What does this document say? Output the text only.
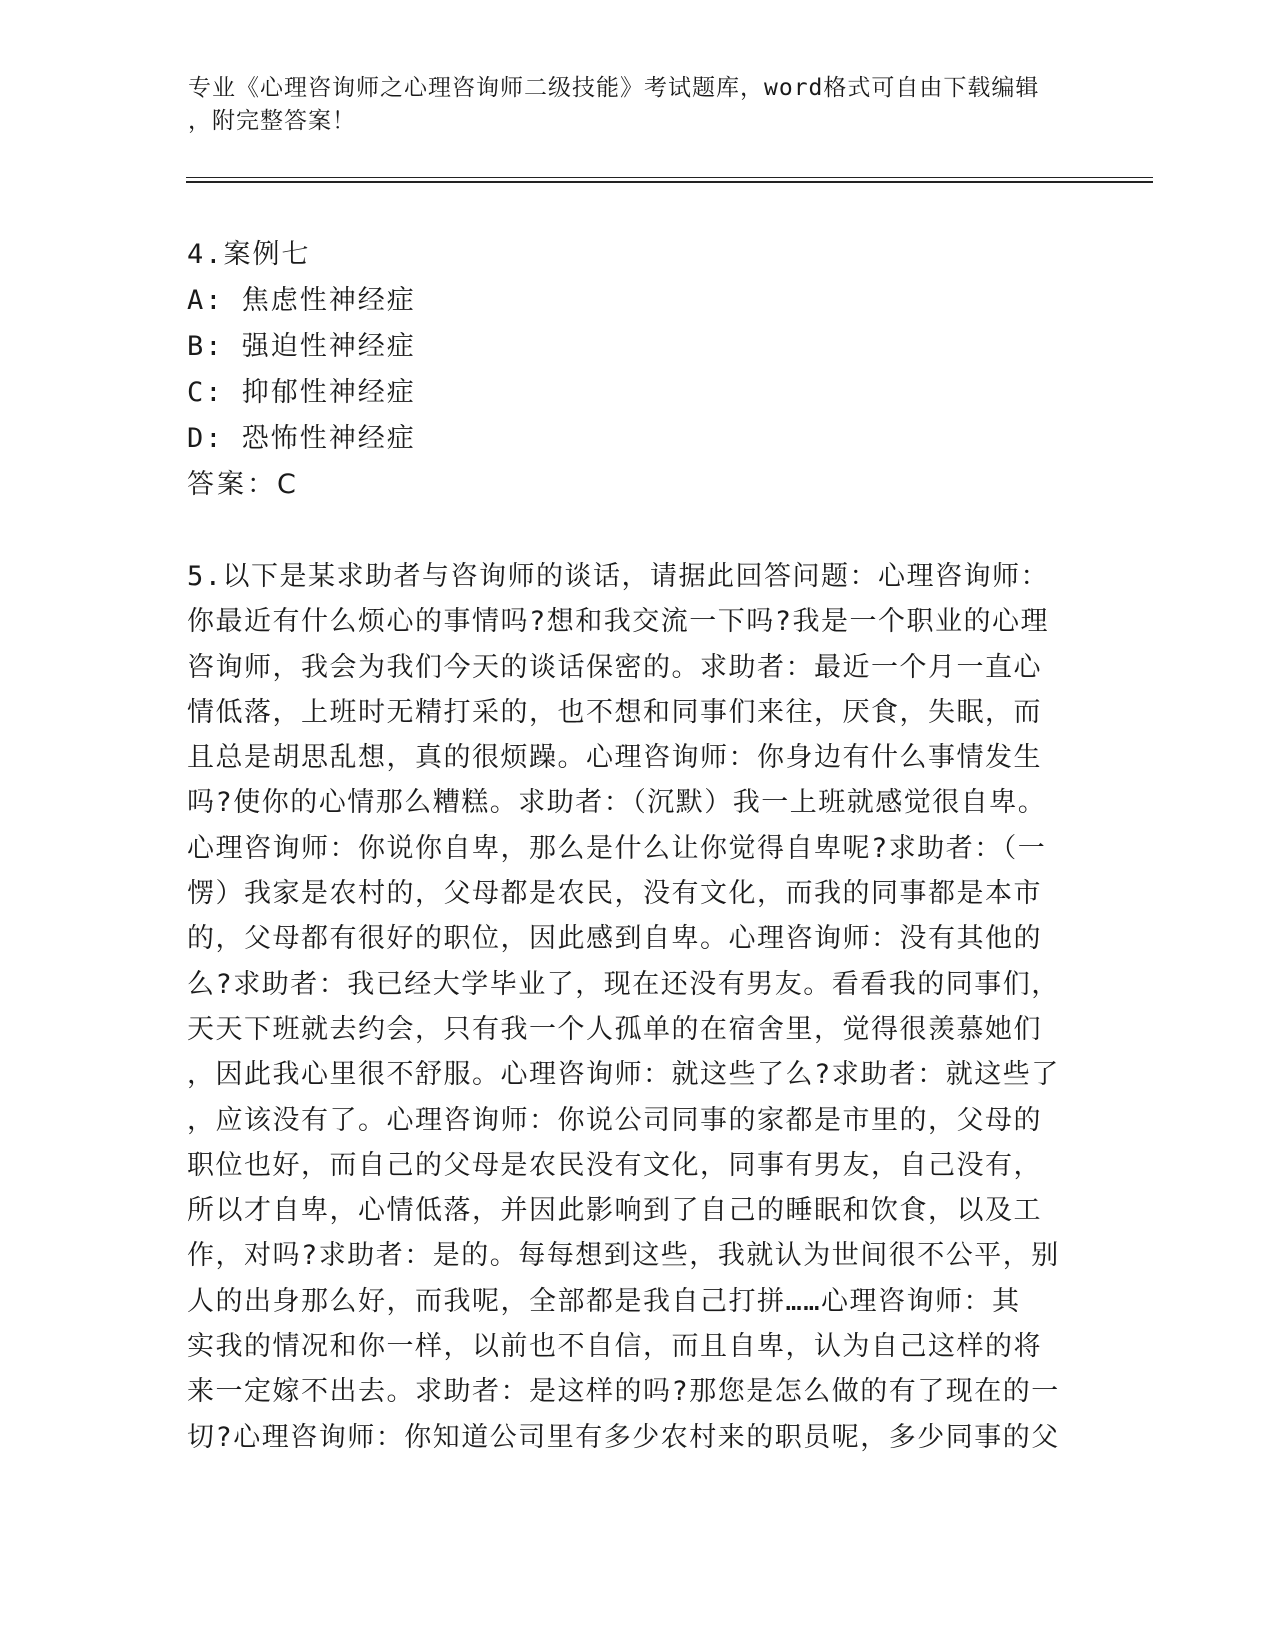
专业《心理咨询师之心理咨询师二级技能》考试题库，word格式可自由下载编辑
，附完整答案！
4.案例七
A: 焦虑性神经症
B: 强迫性神经症
C: 抑郁性神经症
D: 恐怖性神经症
答案：C
5.以下是某求助者与咨询师的谈话，请据此回答问题：心理咨询师：
你最近有什么烦心的事情吗?想和我交流一下吗?我是一个职业的心理
咨询师，我会为我们今天的谈话保密的。求助者：最近一个月一直心
情低落，上班时无精打采的，也不想和同事们来往，厌食，失眠，而
且总是胡思乱想，真的很烦躁。心理咨询师：你身边有什么事情发生
吗?使你的心情那么糟糕。求助者：（沉默）我一上班就感觉很自卑。
心理咨询师：你说你自卑，那么是什么让你觉得自卑呢?求助者：（一
愣）我家是农村的，父母都是农民，没有文化，而我的同事都是本市
的，父母都有很好的职位，因此感到自卑。心理咨询师：没有其他的
么?求助者：我已经大学毕业了，现在还没有男友。看看我的同事们，
天天下班就去约会，只有我一个人孤单的在宿舍里，觉得很羡慕她们
，因此我心里很不舒服。心理咨询师：就这些了么?求助者：就这些了
，应该没有了。心理咨询师：你说公司同事的家都是市里的，父母的
职位也好，而自己的父母是农民没有文化，同事有男友，自己没有，
所以才自卑，心情低落，并因此影响到了自己的睡眠和饮食，以及工
作，对吗?求助者：是的。每每想到这些，我就认为世间很不公平，别
人的出身那么好，而我呢，全部都是我自己打拼……心理咨询师：其
实我的情况和你一样，以前也不自信，而且自卑，认为自己这样的将
来一定嫁不出去。求助者：是这样的吗?那您是怎么做的有了现在的一
切?心理咨询师：你知道公司里有多少农村来的职员呢，多少同事的父
